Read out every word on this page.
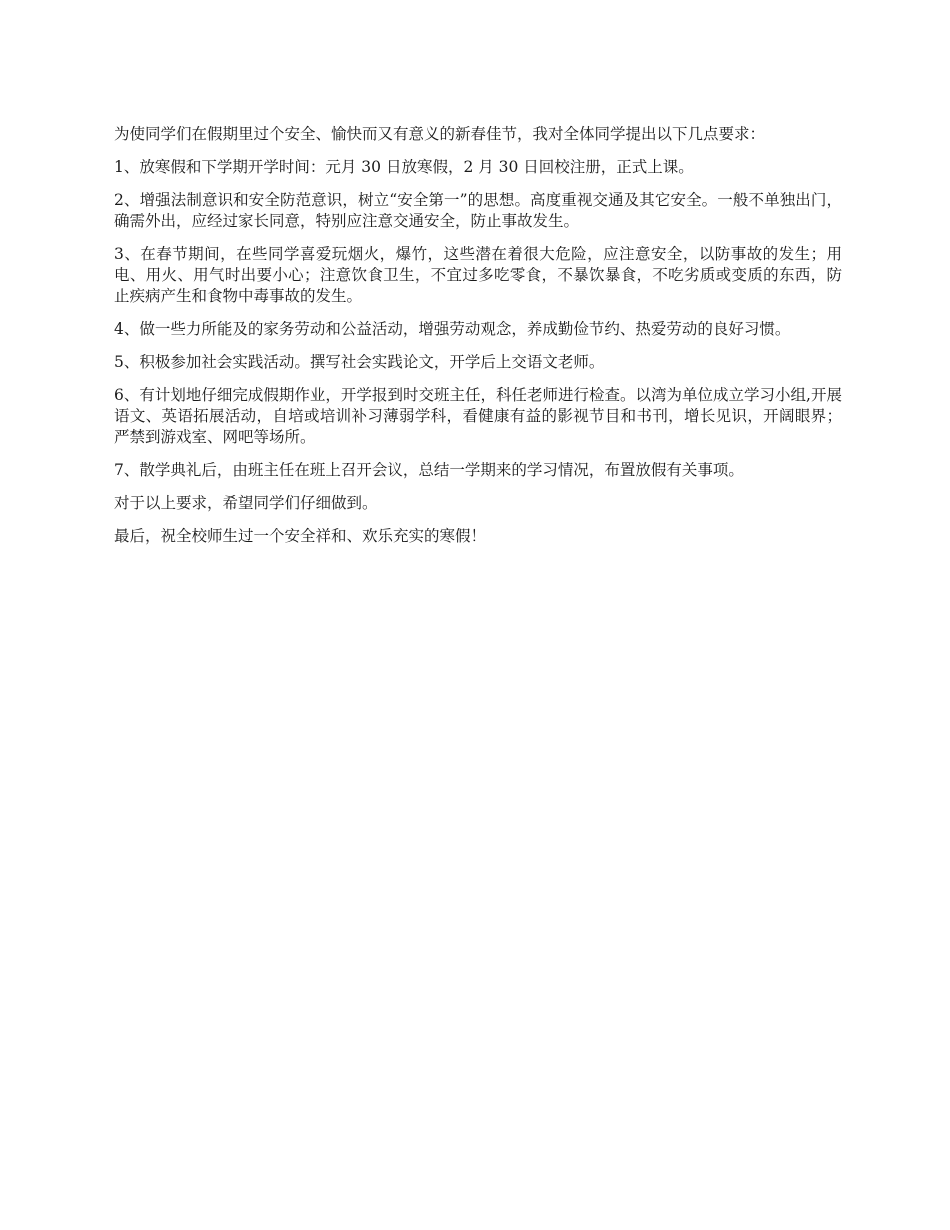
为使同学们在假期里过个安全、愉快而又有意义的新春佳节，我对全体同学提出以下几点要求：

1、放寒假和下学期开学时间：元月 30 日放寒假，2 月 30 日回校注册，正式上课。

2、增强法制意识和安全防范意识，树立“安全第一”的思想。高度重视交通及其它安全。一般不单独出门，确需外出，应经过家长同意，特别应注意交通安全，防止事故发生。

3、在春节期间，在些同学喜爱玩烟火，爆竹，这些潜在着很大危险，应注意安全，以防事故的发生；用电、用火、用气时出要小心；注意饮食卫生，不宜过多吃零食，不暴饮暴食，不吃劣质或变质的东西，防止疾病产生和食物中毒事故的发生。

4、做一些力所能及的家务劳动和公益活动，增强劳动观念，养成勤俭节约、热爱劳动的良好习惯。

5、积极参加社会实践活动。撰写社会实践论文，开学后上交语文老师。

6、有计划地仔细完成假期作业，开学报到时交班主任，科任老师进行检查。以湾为单位成立学习小组,开展语文、英语拓展活动，自培或培训补习薄弱学科，看健康有益的影视节目和书刊，增长见识，开阔眼界；严禁到游戏室、网吧等场所。

7、散学典礼后，由班主任在班上召开会议，总结一学期来的学习情况，布置放假有关事项。

对于以上要求，希望同学们仔细做到。

最后，祝全校师生过一个安全祥和、欢乐充实的寒假！
